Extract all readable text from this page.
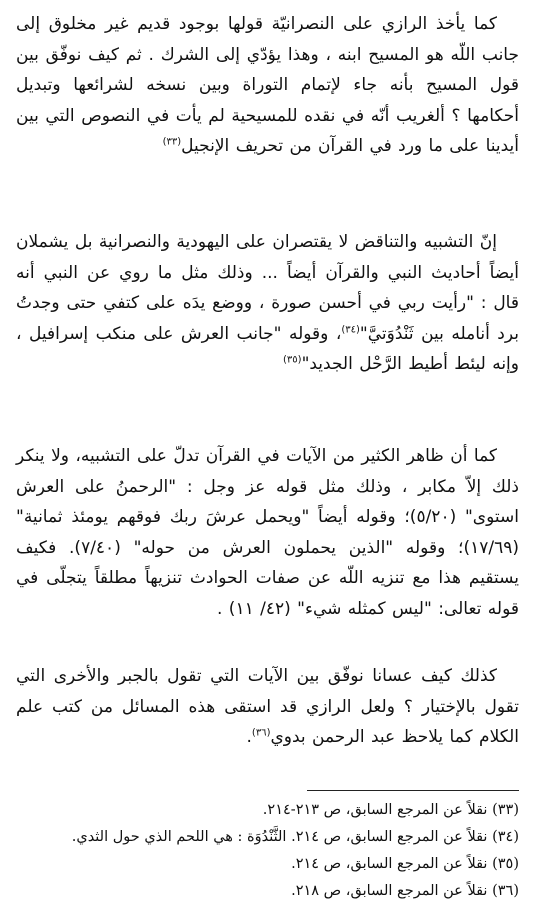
كما يأخذ الرازي على النصرانيّة قولها بوجود قديم غير مخلوق إلى جانب اللّه هو المسيح ابنه ، وهذا يؤدّي إلى الشرك . ثم كيف نوفّق بين قول المسيح بأنه جاء لإتمام التوراة وبين نسخه لشرائعها وتبديل أحكامها ؟ ألغريب أنّه في نقده للمسيحية لم يأت في النصوص التي بين أيدينا على ما ورد في القرآن من تحريف الإنجيل$^{(٣٣)}$

إنّ التشبيه والتناقض لا يقتصران على اليهودية والنصرانية بل يشملان أيضاً أحاديث النبي والقرآن أيضاً ... وذلك مثل ما روي عن النبي أنه قال : "رأيت ربي في أحسن صورة ، ووضع يدَه على كتفي حتى وجدتُ برد أنامله بين ثَنْدُوَتيَّ"$^{(٣٤)}$، وقوله "جانب العرش على منكب إسرافيل ، وإنه ليئط أطيط الرَّحْل الجديد"$^{(٣٥)}$

كما أن ظاهر الكثير من الآيات في القرآن تدلّ على التشبيه، ولا ينكر ذلك إلاّ مكابر ، وذلك مثل قوله عز وجل : "الرحمنُ على العرش استوى" (٥/٢٠)؛ وقوله أيضاً "ويحمل عرشَ ربك فوقهم يومئذ ثمانية" (١٧/٦٩)؛ وقوله "الذين يحملون العرش من حوله" (٧/٤٠). فكيف يستقيم هذا مع تنزيه اللّه عن صفات الحوادث تنزيهاً مطلقاً يتجلّى في قوله تعالى: "ليس كمثله شيء" (٤٢/ ١١) .

كذلك كيف عسانا نوفّق بين الآيات التي تقول بالجبر والأخرى التي تقول بالإختيار ؟ ولعل الرازي قد استقى هذه المسائل من كتب علم الكلام كما يلاحظ عبد الرحمن بدوي$^{(٣٦)}$.

(٣٣) نقلاً عن المرجع السابق، ص ٢١٣-٢١٤.
(٣٤) نقلاً عن المرجع السابق، ص ٢١٤. الثَّنْدُوَة : هي اللحم الذي حول الثدي.
(٣٥) نقلاً عن المرجع السابق، ص ٢١٤.
(٣٦) نقلاً عن المرجع السابق، ص ٢١٨.
